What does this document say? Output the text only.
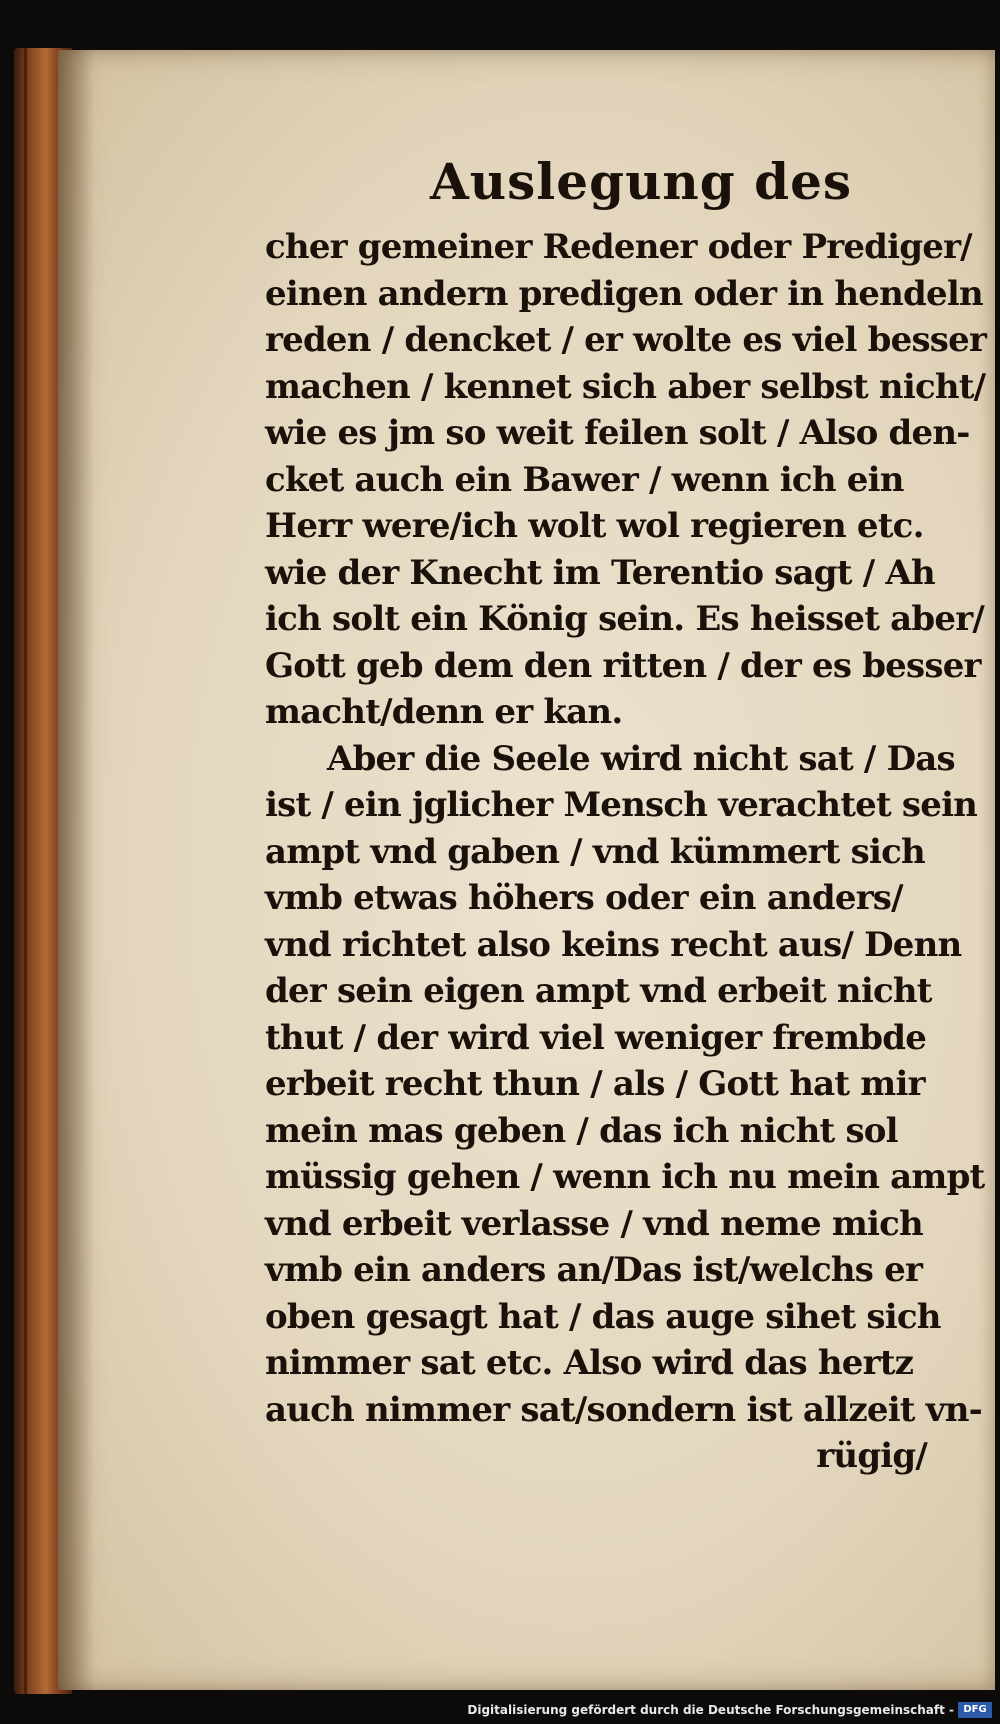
Auslegung des
cher gemeiner Redener oder Prediger/
einen andern predigen oder in hendeln
reden / dencket / er wolte es viel besser
machen / kennet sich aber selbst nicht/
wie es jm so weit feilen solt / Also den-
cket auch ein Bawer / wenn ich ein
Herr were/ich wolt wol regieren etc.
wie der Knecht im Terentio sagt / Ah
ich solt ein König sein. Es heisset aber/
Gott geb dem den ritten / der es besser
macht/denn er kan.
Aber die Seele wird nicht sat / Das
ist / ein jglicher Mensch verachtet sein
ampt vnd gaben / vnd kümmert sich
vmb etwas höhers oder ein anders/
vnd richtet also keins recht aus/ Denn
der sein eigen ampt vnd erbeit nicht
thut / der wird viel weniger frembde
erbeit recht thun / als / Gott hat mir
mein mas geben / das ich nicht sol
müssig gehen / wenn ich nu mein ampt
vnd erbeit verlasse / vnd neme mich
vmb ein anders an/Das ist/welchs er
oben gesagt hat / das auge sihet sich
nimmer sat etc. Also wird das hertz
auch nimmer sat/sondern ist allzeit vn-
rügig/
Digitalisierung gefördert durch die Deutsche Forschungsgemeinschaft - DFG
